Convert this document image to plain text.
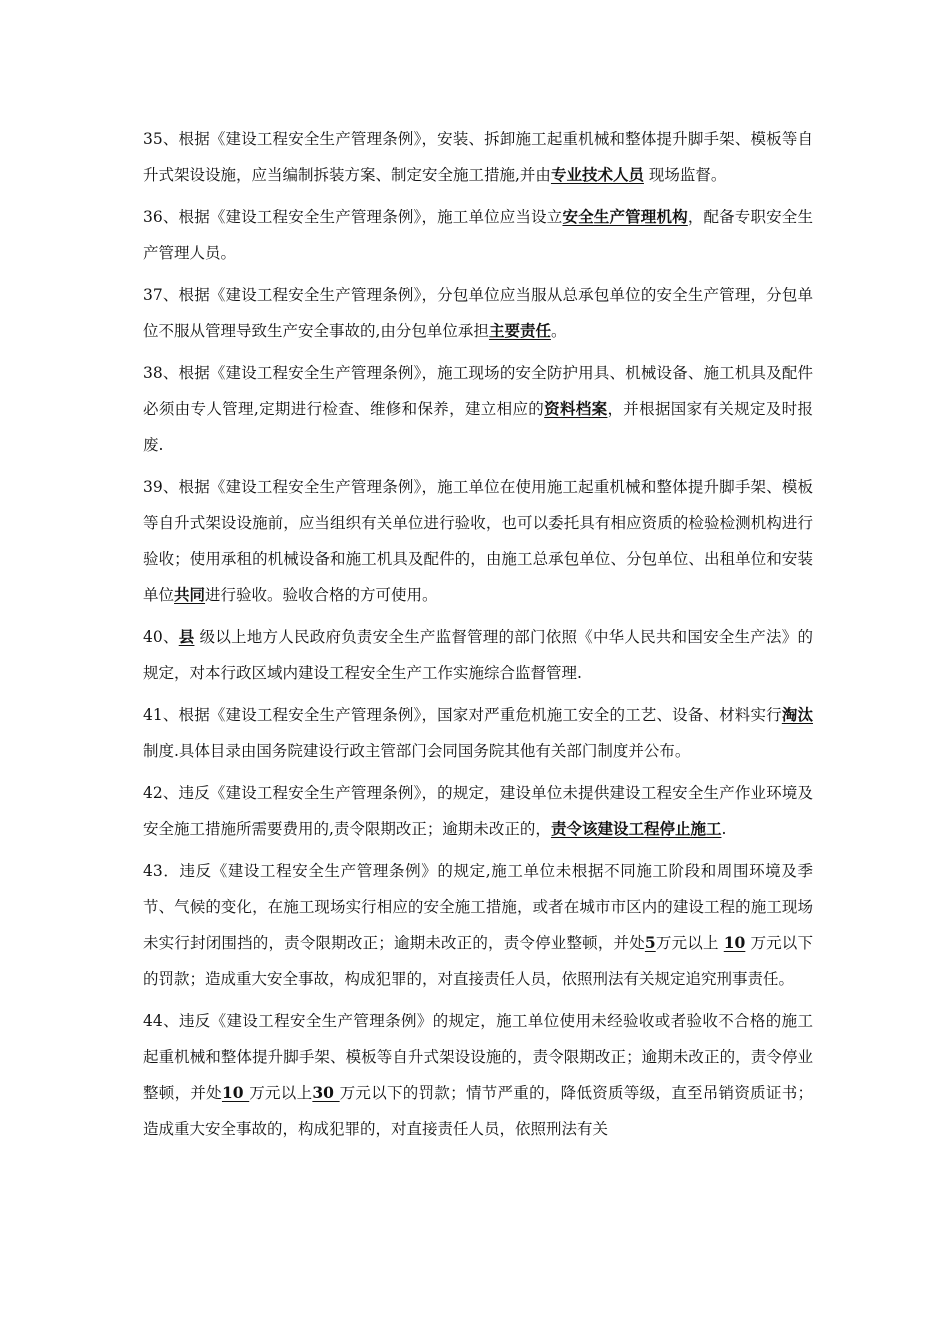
35、根据《建设工程安全生产管理条例》，安装、拆卸施工起重机械和整体提升脚手架、模板等自升式架设设施，应当编制拆装方案、制定安全施工措施,并由专业技术人员 现场监督。

36、根据《建设工程安全生产管理条例》，施工单位应当设立安全生产管理机构，配备专职安全生产管理人员。

37、根据《建设工程安全生产管理条例》，分包单位应当服从总承包单位的安全生产管理，分包单位不服从管理导致生产安全事故的,由分包单位承担主要责任。

38、根据《建设工程安全生产管理条例》，施工现场的安全防护用具、机械设备、施工机具及配件必须由专人管理,定期进行检查、维修和保养，建立相应的资料档案，并根据国家有关规定及时报废.

39、根据《建设工程安全生产管理条例》，施工单位在使用施工起重机械和整体提升脚手架、模板等自升式架设设施前，应当组织有关单位进行验收，也可以委托具有相应资质的检验检测机构进行验收；使用承租的机械设备和施工机具及配件的，由施工总承包单位、分包单位、出租单位和安装单位共同进行验收。验收合格的方可使用。

40、县 级以上地方人民政府负责安全生产监督管理的部门依照《中华人民共和国安全生产法》的规定，对本行政区域内建设工程安全生产工作实施综合监督管理.

41、根据《建设工程安全生产管理条例》，国家对严重危机施工安全的工艺、设备、材料实行淘汰制度.具体目录由国务院建设行政主管部门会同国务院其他有关部门制度并公布。

42、违反《建设工程安全生产管理条例》，的规定，建设单位未提供建设工程安全生产作业环境及安全施工措施所需要费用的,责令限期改正；逾期未改正的，责令该建设工程停止施工.

43．违反《建设工程安全生产管理条例》的规定,施工单位未根据不同施工阶段和周围环境及季节、气候的变化，在施工现场实行相应的安全施工措施，或者在城市市区内的建设工程的施工现场未实行封闭围挡的，责令限期改正；逾期未改正的，责令停业整顿，并处5万元以上 10 万元以下的罚款；造成重大安全事故，构成犯罪的，对直接责任人员，依照刑法有关规定追究刑事责任。

44、违反《建设工程安全生产管理条例》的规定，施工单位使用未经验收或者验收不合格的施工起重机械和整体提升脚手架、模板等自升式架设设施的，责令限期改正；逾期未改正的，责令停业整顿，并处10 万元以上30 万元以下的罚款；情节严重的，降低资质等级，直至吊销资质证书；造成重大安全事故的，构成犯罪的，对直接责任人员，依照刑法有关
